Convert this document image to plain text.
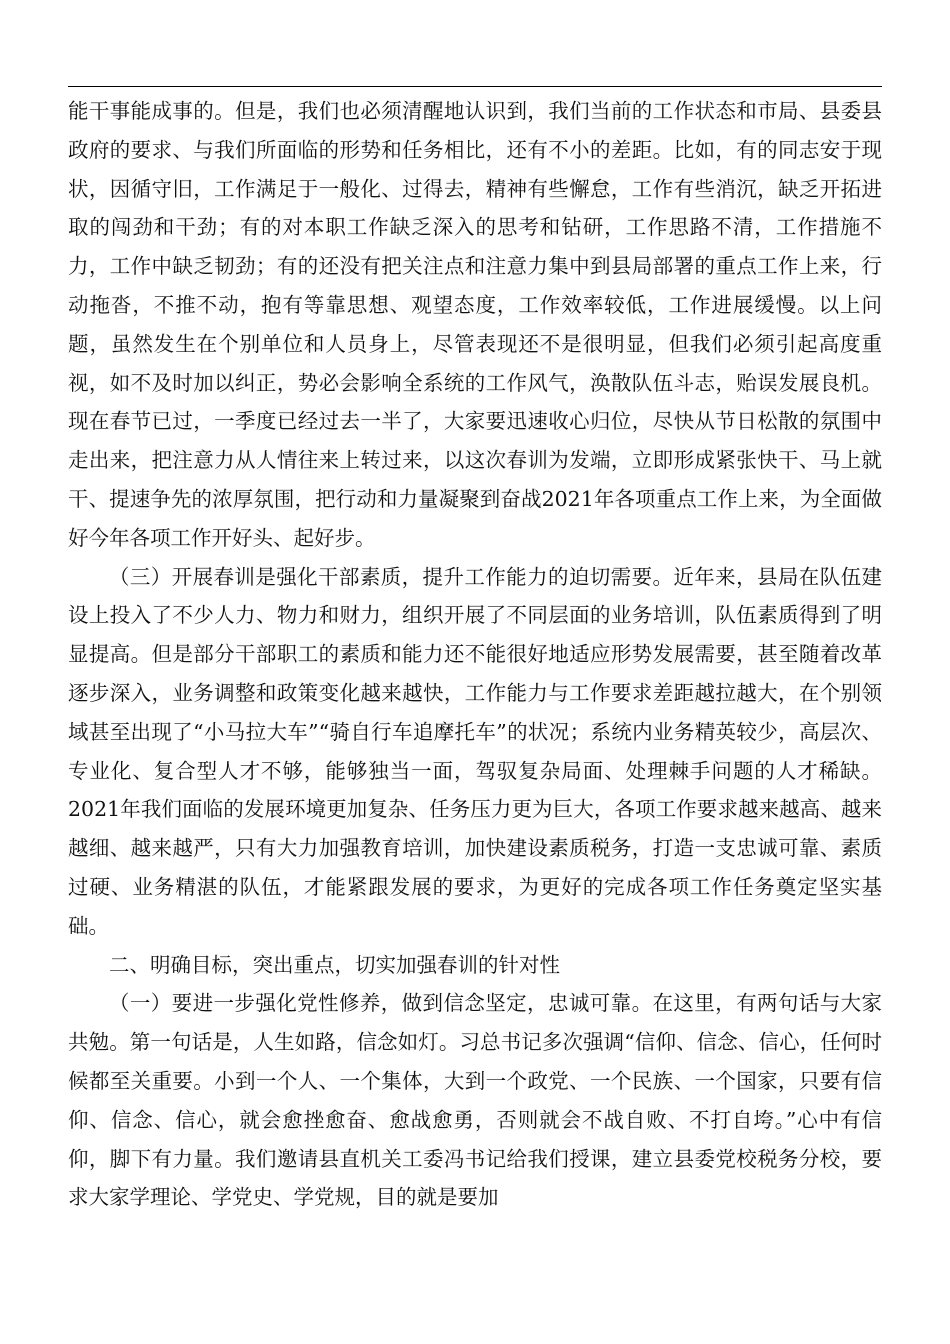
能干事能成事的。但是，我们也必须清醒地认识到，我们当前的工作状态和市局、县委县政府的要求、与我们所面临的形势和任务相比，还有不小的差距。比如，有的同志安于现状，因循守旧，工作满足于一般化、过得去，精神有些懈怠，工作有些消沉，缺乏开拓进取的闯劲和干劲；有的对本职工作缺乏深入的思考和钻研，工作思路不清，工作措施不力，工作中缺乏韧劲；有的还没有把关注点和注意力集中到县局部署的重点工作上来，行动拖沓，不推不动，抱有等靠思想、观望态度，工作效率较低，工作进展缓慢。以上问题，虽然发生在个别单位和人员身上，尽管表现还不是很明显，但我们必须引起高度重视，如不及时加以纠正，势必会影响全系统的工作风气，涣散队伍斗志，贻误发展良机。现在春节已过，一季度已经过去一半了，大家要迅速收心归位，尽快从节日松散的氛围中走出来，把注意力从人情往来上转过来，以这次春训为发端，立即形成紧张快干、马上就干、提速争先的浓厚氛围，把行动和力量凝聚到奋战2021年各项重点工作上来，为全面做好今年各项工作开好头、起好步。

（三）开展春训是强化干部素质，提升工作能力的迫切需要。近年来，县局在队伍建设上投入了不少人力、物力和财力，组织开展了不同层面的业务培训，队伍素质得到了明显提高。但是部分干部职工的素质和能力还不能很好地适应形势发展需要，甚至随着改革逐步深入，业务调整和政策变化越来越快，工作能力与工作要求差距越拉越大，在个别领域甚至出现了“小马拉大车”“骑自行车追摩托车”的状况；系统内业务精英较少，高层次、专业化、复合型人才不够，能够独当一面，驾驭复杂局面、处理棘手问题的人才稀缺。2021年我们面临的发展环境更加复杂、任务压力更为巨大，各项工作要求越来越高、越来越细、越来越严，只有大力加强教育培训，加快建设素质税务，打造一支忠诚可靠、素质过硬、业务精湛的队伍，才能紧跟发展的要求，为更好的完成各项工作任务奠定坚实基础。

二、明确目标，突出重点，切实加强春训的针对性

（一）要进一步强化党性修养，做到信念坚定，忠诚可靠。在这里，有两句话与大家共勉。第一句话是，人生如路，信念如灯。习总书记多次强调“信仰、信念、信心，任何时候都至关重要。小到一个人、一个集体，大到一个政党、一个民族、一个国家，只要有信仰、信念、信心，就会愈挫愈奋、愈战愈勇，否则就会不战自败、不打自垮。”心中有信仰，脚下有力量。我们邀请县直机关工委冯书记给我们授课，建立县委党校税务分校，要求大家学理论、学党史、学党规，目的就是要加
